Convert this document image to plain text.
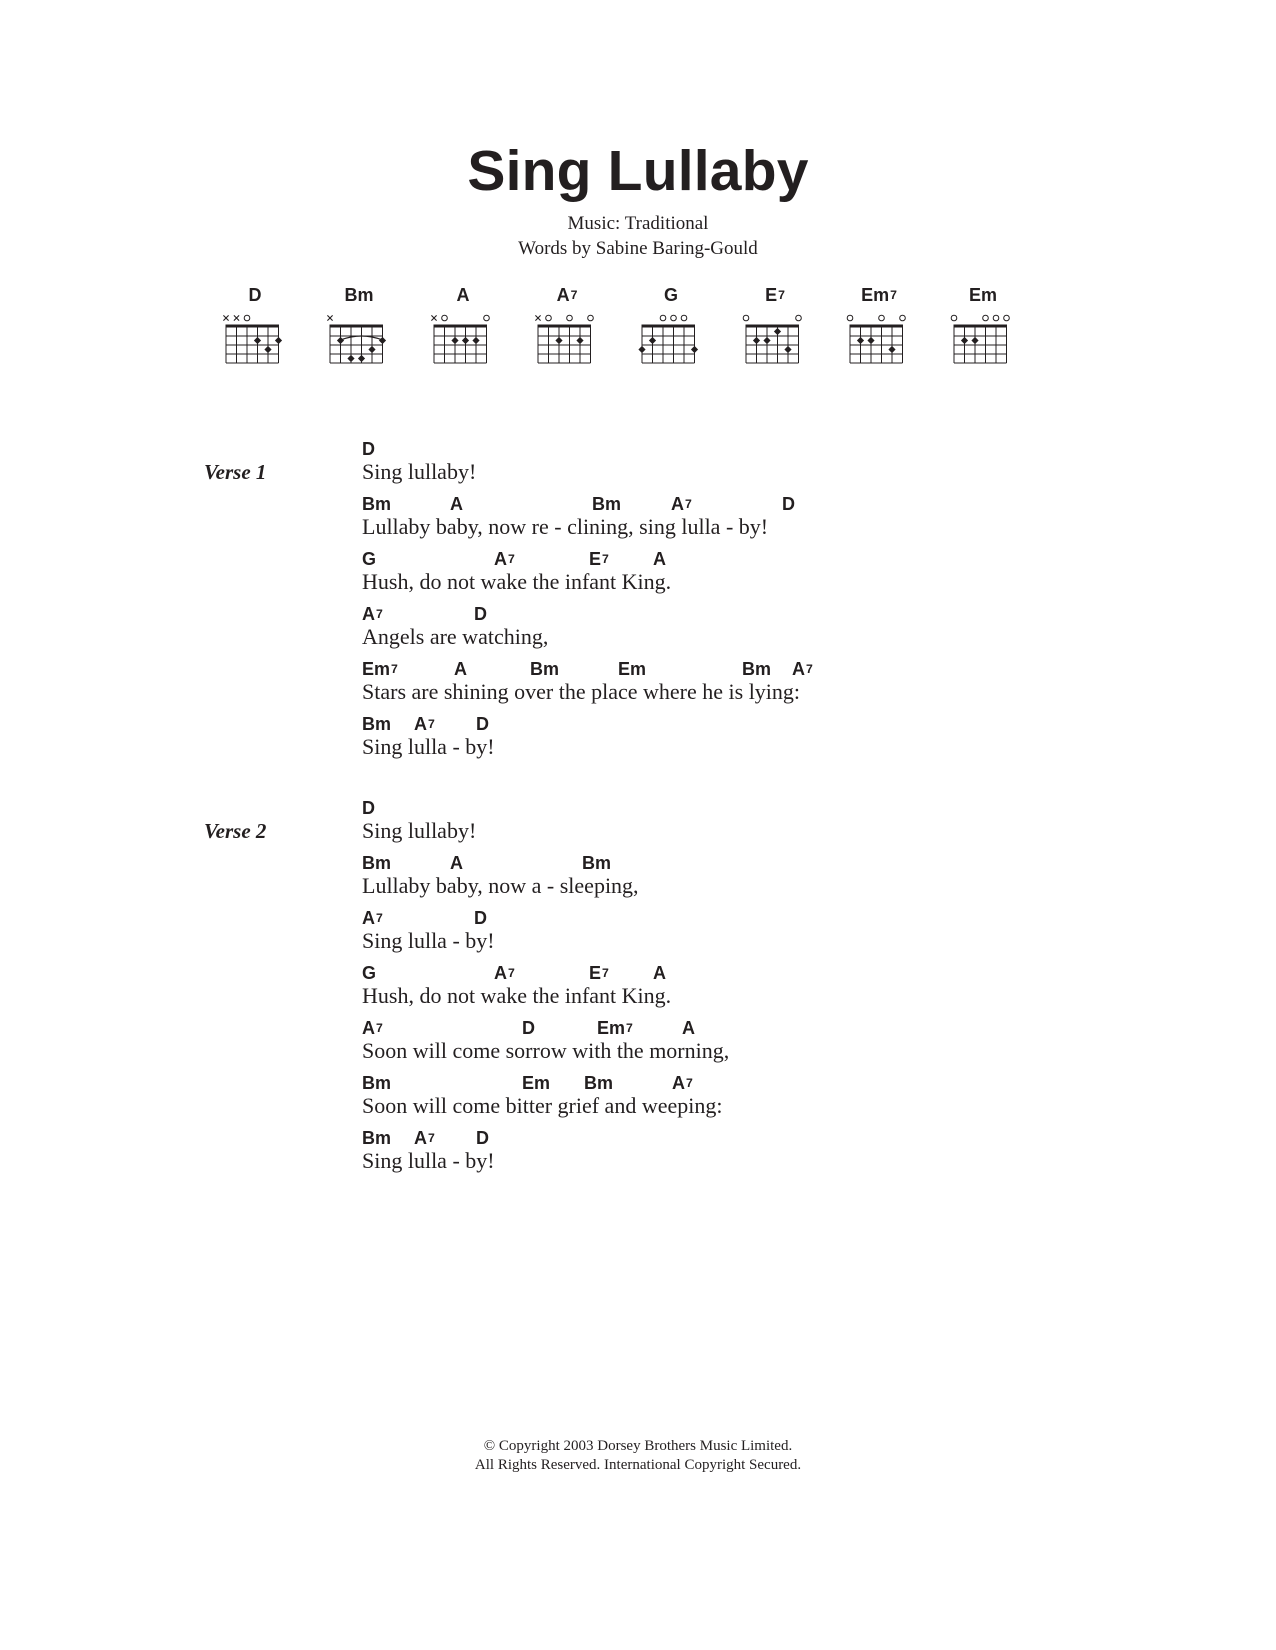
Sing Lullaby
Music: Traditional
Words by Sabine Baring-Gould
D	Bm	A	$A^7$	G	$E^7$	Em$^7$	Em
Verse 1
D
Sing lullaby!
Bm	A	Bm	$A^7$	D
Lullaby baby, now re - clining, sing lulla - by!
G	$A^7$	$E^7$ A
Hush, do not wake the infant King.
$A^7$	D
Angels are watching,
Em$^7$	A	Bm	Em	Bm $A^7$
Stars are shining over the place where he is lying:
Bm $A^7$ D
Sing lulla - by!
Verse 2
D
Sing lullaby!
Bm	A	Bm
Lullaby baby, now a - sleeping,
$A^7$	D
Sing lulla - by!
G	$A^7$	$E^7$ A
Hush, do not wake the infant King.
$A^7$	D	Em$^7$	A
Soon will come sorrow with the morning,
Bm	Em Bm	$A^7$
Soon will come bitter grief and weeping:
Bm $A^7$ D
Sing lulla - by!
© Copyright 2003 Dorsey Brothers Music Limited.
All Rights Reserved. International Copyright Secured.
